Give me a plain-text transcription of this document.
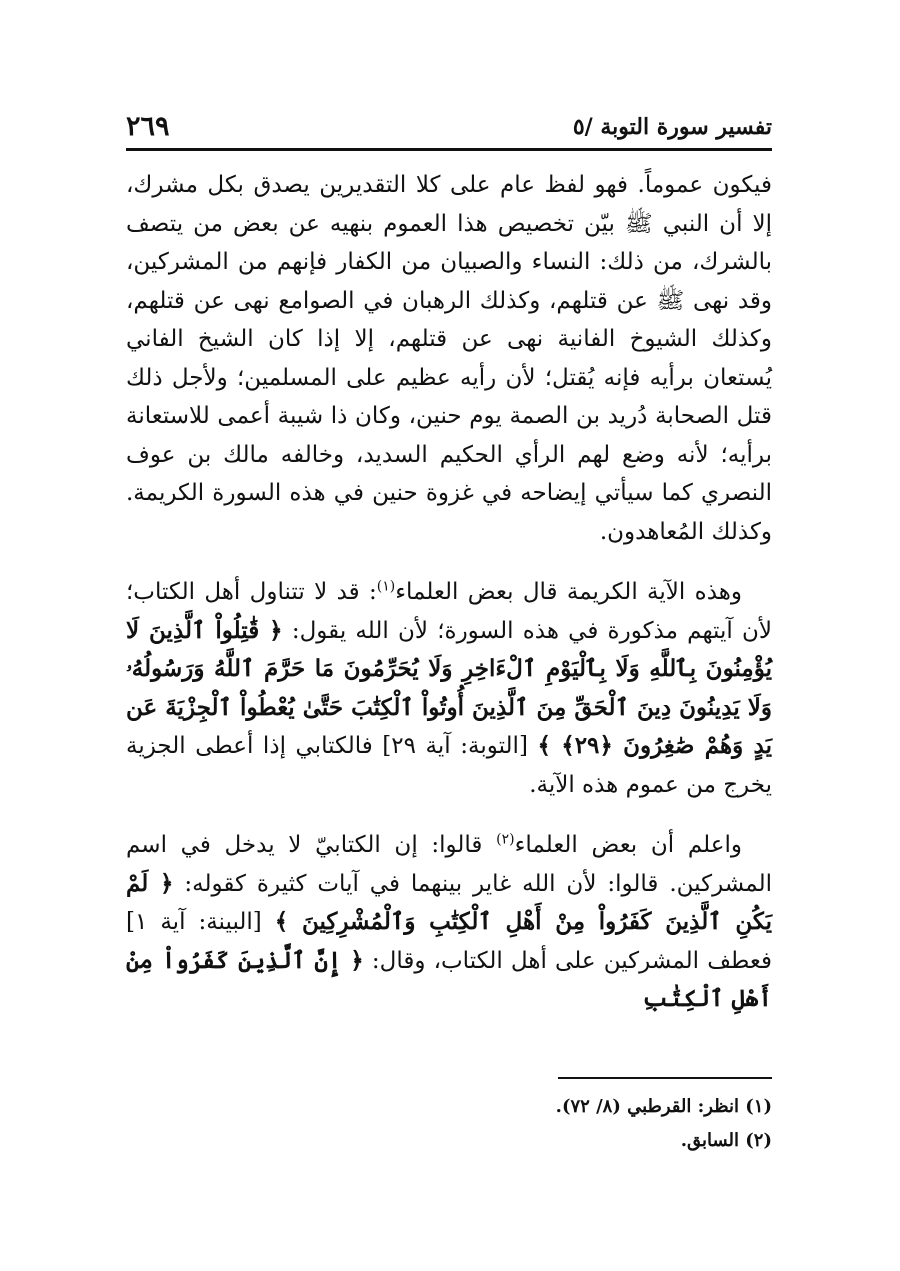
تفسير سورة التوبة /٥
٢٦٩

فيكون عموماً. فهو لفظ عام على كلا التقديرين يصدق بكل مشرك، إلا أن النبي ﷺ بيّن تخصيص هذا العموم بنهيه عن بعض من يتصف بالشرك، من ذلك: النساء والصبيان من الكفار فإنهم من المشركين، وقد نهى ﷺ عن قتلهم، وكذلك الرهبان في الصوامع نهى عن قتلهم، وكذلك الشيوخ الفانية نهى عن قتلهم، إلا إذا كان الشيخ الفاني يُستعان برأيه فإنه يُقتل؛ لأن رأيه عظيم على المسلمين؛ ولأجل ذلك قتل الصحابة دُريد بن الصمة يوم حنين، وكان ذا شيبة أعمى للاستعانة برأيه؛ لأنه وضع لهم الرأي الحكيم السديد، وخالفه مالك بن عوف النصري كما سيأتي إيضاحه في غزوة حنين في هذه السورة الكريمة. وكذلك المُعاهدون.

وهذه الآية الكريمة قال بعض العلماء$^{(١)}$: قد لا تتناول أهل الكتاب؛ لأن آيتهم مذكورة في هذه السورة؛ لأن الله يقول: ﴿ قَٰتِلُواْ ٱلَّذِينَ لَا يُؤْمِنُونَ بِٱللَّهِ وَلَا بِٱلْيَوْمِ ٱلْءَاخِرِ وَلَا يُحَرِّمُونَ مَا حَرَّمَ ٱللَّهُ وَرَسُولُهُۥ وَلَا يَدِينُونَ دِينَ ٱلْحَقِّ مِنَ ٱلَّذِينَ أُوتُواْ ٱلْكِتَٰبَ حَتَّىٰ يُعْطُواْ ٱلْجِزْيَةَ عَن يَدٍ وَهُمْ صَٰغِرُونَ ﴿٢٩﴾ ﴾ [التوبة: آية ٢٩] فالكتابي إذا أعطى الجزية يخرج من عموم هذه الآية.

واعلم أن بعض العلماء$^{(٢)}$ قالوا: إن الكتابيّ لا يدخل في اسم المشركين. قالوا: لأن الله غاير بينهما في آيات كثيرة كقوله: ﴿ لَمْ يَكُنِ ٱلَّذِينَ كَفَرُواْ مِنْ أَهْلِ ٱلْكِتَٰبِ وَٱلْمُشْرِكِينَ ﴾ [البينة: آية ١] فعطف المشركين على أهل الكتاب، وقال: ﴿ إِنَّ ٱلَّذِينَ كَفَرُواْ مِنْ أَهْلِ ٱلْكِتَٰبِ

(١) انظر: القرطبي (٨/ ٧٢).
(٢) السابق.
